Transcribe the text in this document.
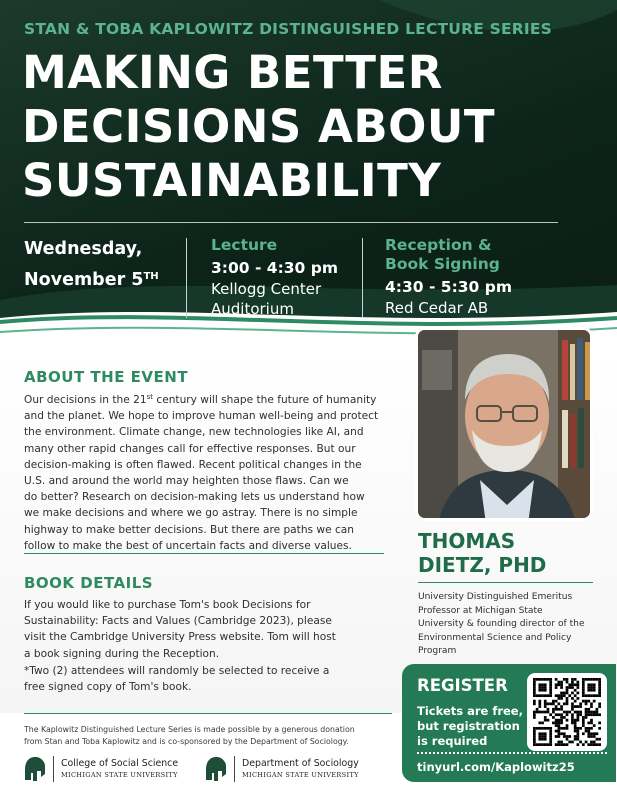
STAN & TOBA KAPLOWITZ DISTINGUISHED LECTURE SERIES
MAKING BETTER
DECISIONS ABOUT
SUSTAINABILITY
Wednesday,
November 5TH
Lecture
3:00 - 4:30 pm
Kellogg Center
Auditorium
Reception &
Book Signing
4:30 - 5:30 pm
Red Cedar AB
ABOUT THE EVENT
Our decisions in the 21st century will shape the future of humanity
and the planet. We hope to improve human well-being and protect
the environment. Climate change, new technologies like AI, and
many other rapid changes call for effective responses. But our
decision-making is often flawed. Recent political changes in the
U.S. and around the world may heighten those flaws. Can we
do better? Research on decision-making lets us understand how
we make decisions and where we go astray. There is no simple
highway to make better decisions. But there are paths we can
follow to make the best of uncertain facts and diverse values.
BOOK DETAILS
If you would like to purchase Tom's book Decisions for
Sustainability: Facts and Values (Cambridge 2023), please
visit the Cambridge University Press website. Tom will host
a book signing during the Reception.
*Two (2) attendees will randomly be selected to receive a
free signed copy of Tom's book.
THOMAS
DIETZ, PHD
University Distinguished Emeritus
Professor at Michigan State
University & founding director of the
Environmental Science and Policy
Program
REGISTER
Tickets are free,
but registration
is required
tinyurl.com/Kaplowitz25
The Kaplowitz Distinguished Lecture Series is made possible by a generous donation
from Stan and Toba Kaplowitz and is co-sponsored by the Department of Sociology.
College of Social Science
MICHIGAN STATE UNIVERSITY
Department of Sociology
MICHIGAN STATE UNIVERSITY
